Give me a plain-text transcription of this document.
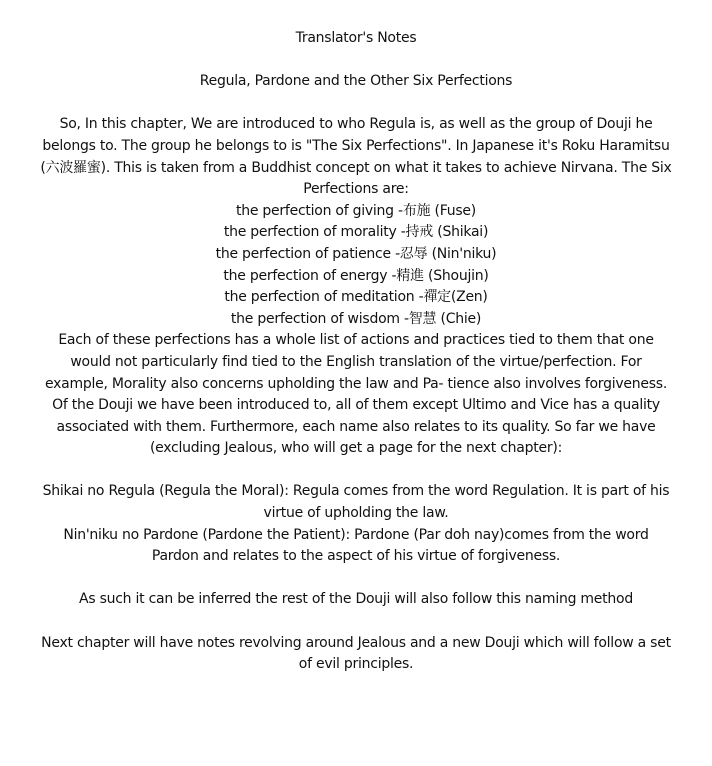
Translator's Notes

Regula, Pardone and the Other Six Perfections

So, In this chapter, We are introduced to who Regula is, as well as the group of Douji he belongs to. The group he belongs to is "The Six Perfections". In Japanese it's Roku Haramitsu (六波羅蜜). This is taken from a Buddhist concept on what it takes to achieve Nirvana. The Six Perfections are:

the perfection of giving -布施 (Fuse)

the perfection of morality -持戒 (Shikai)

the perfection of patience -忍辱 (Nin'niku)

the perfection of energy -精進 (Shoujin)

the perfection of meditation -禪定(Zen)

the perfection of wisdom -智慧 (Chie)

Each of these perfections has a whole list of actions and practices tied to them that one would not particularly find tied to the English translation of the virtue/perfection. For example, Morality also concerns upholding the law and Pa- tience also involves forgiveness.

Of the Douji we have been introduced to, all of them except Ultimo and Vice has a quality associated with them. Furthermore, each name also relates to its quality. So far we have (excluding Jealous, who will get a page for the next chapter):

Shikai no Regula (Regula the Moral): Regula comes from the word Regulation. It is part of his virtue of upholding the law.

Nin'niku no Pardone (Pardone the Patient): Pardone (Par doh nay)comes from the word Pardon and relates to the aspect of his virtue of forgiveness.

As such it can be inferred the rest of the Douji will also follow this naming method

Next chapter will have notes revolving around Jealous and a new Douji which will follow a set of evil principles.
